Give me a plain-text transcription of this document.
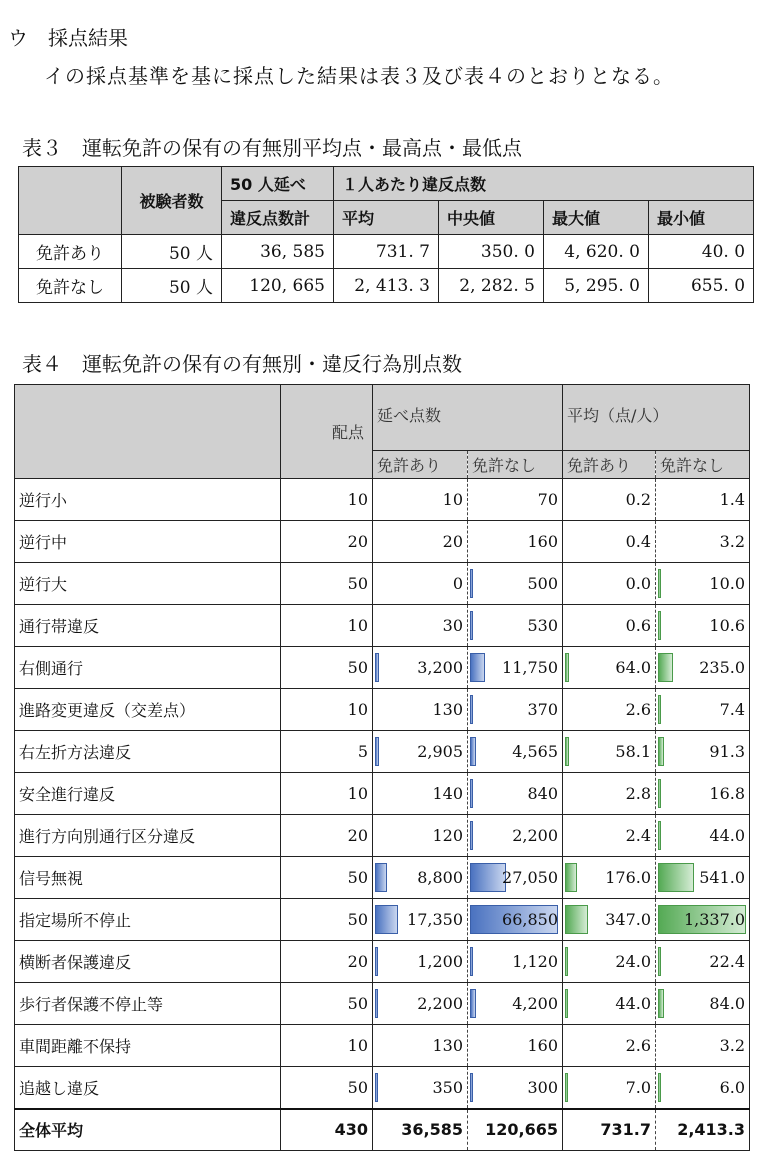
ウ　採点結果
イの採点基準を基に採点した結果は表３及び表４のとおりとなる。
表３　運転免許の保有の有無別平均点・最高点・最低点
	被験者数	50 人延べ	１人あたり違反点数			
		違反点数計	平均	中央値	最大値	最小値
免許あり	50 人	36, 585	731. 7	350. 0	4, 620. 0	40. 0
免許なし	50 人	120, 665	2, 413. 3	2, 282. 5	5, 295. 0	655. 0
表４　運転免許の保有の有無別・違反行為別点数
	配点	延べ点数		平均（点/人）	
		免許あり	免許なし	免許あり	免許なし
逆行小	10	10	70	0.2	1.4
逆行中	20	20	160	0.4	3.2
逆行大	50	0	500	0.0	10.0
通行帯違反	10	30	530	0.6	10.6
右側通行	50	3,200	11,750	64.0	235.0
進路変更違反（交差点）	10	130	370	2.6	7.4
右左折方法違反	5	2,905	4,565	58.1	91.3
安全進行違反	10	140	840	2.8	16.8
進行方向別通行区分違反	20	120	2,200	2.4	44.0
信号無視	50	8,800	27,050	176.0	541.0
指定場所不停止	50	17,350	66,850	347.0	1,337.0
横断者保護違反	20	1,200	1,120	24.0	22.4
歩行者保護不停止等	50	2,200	4,200	44.0	84.0
車間距離不保持	10	130	160	2.6	3.2
追越し違反	50	350	300	7.0	6.0
全体平均	430	36,585	120,665	731.7	2,413.3
